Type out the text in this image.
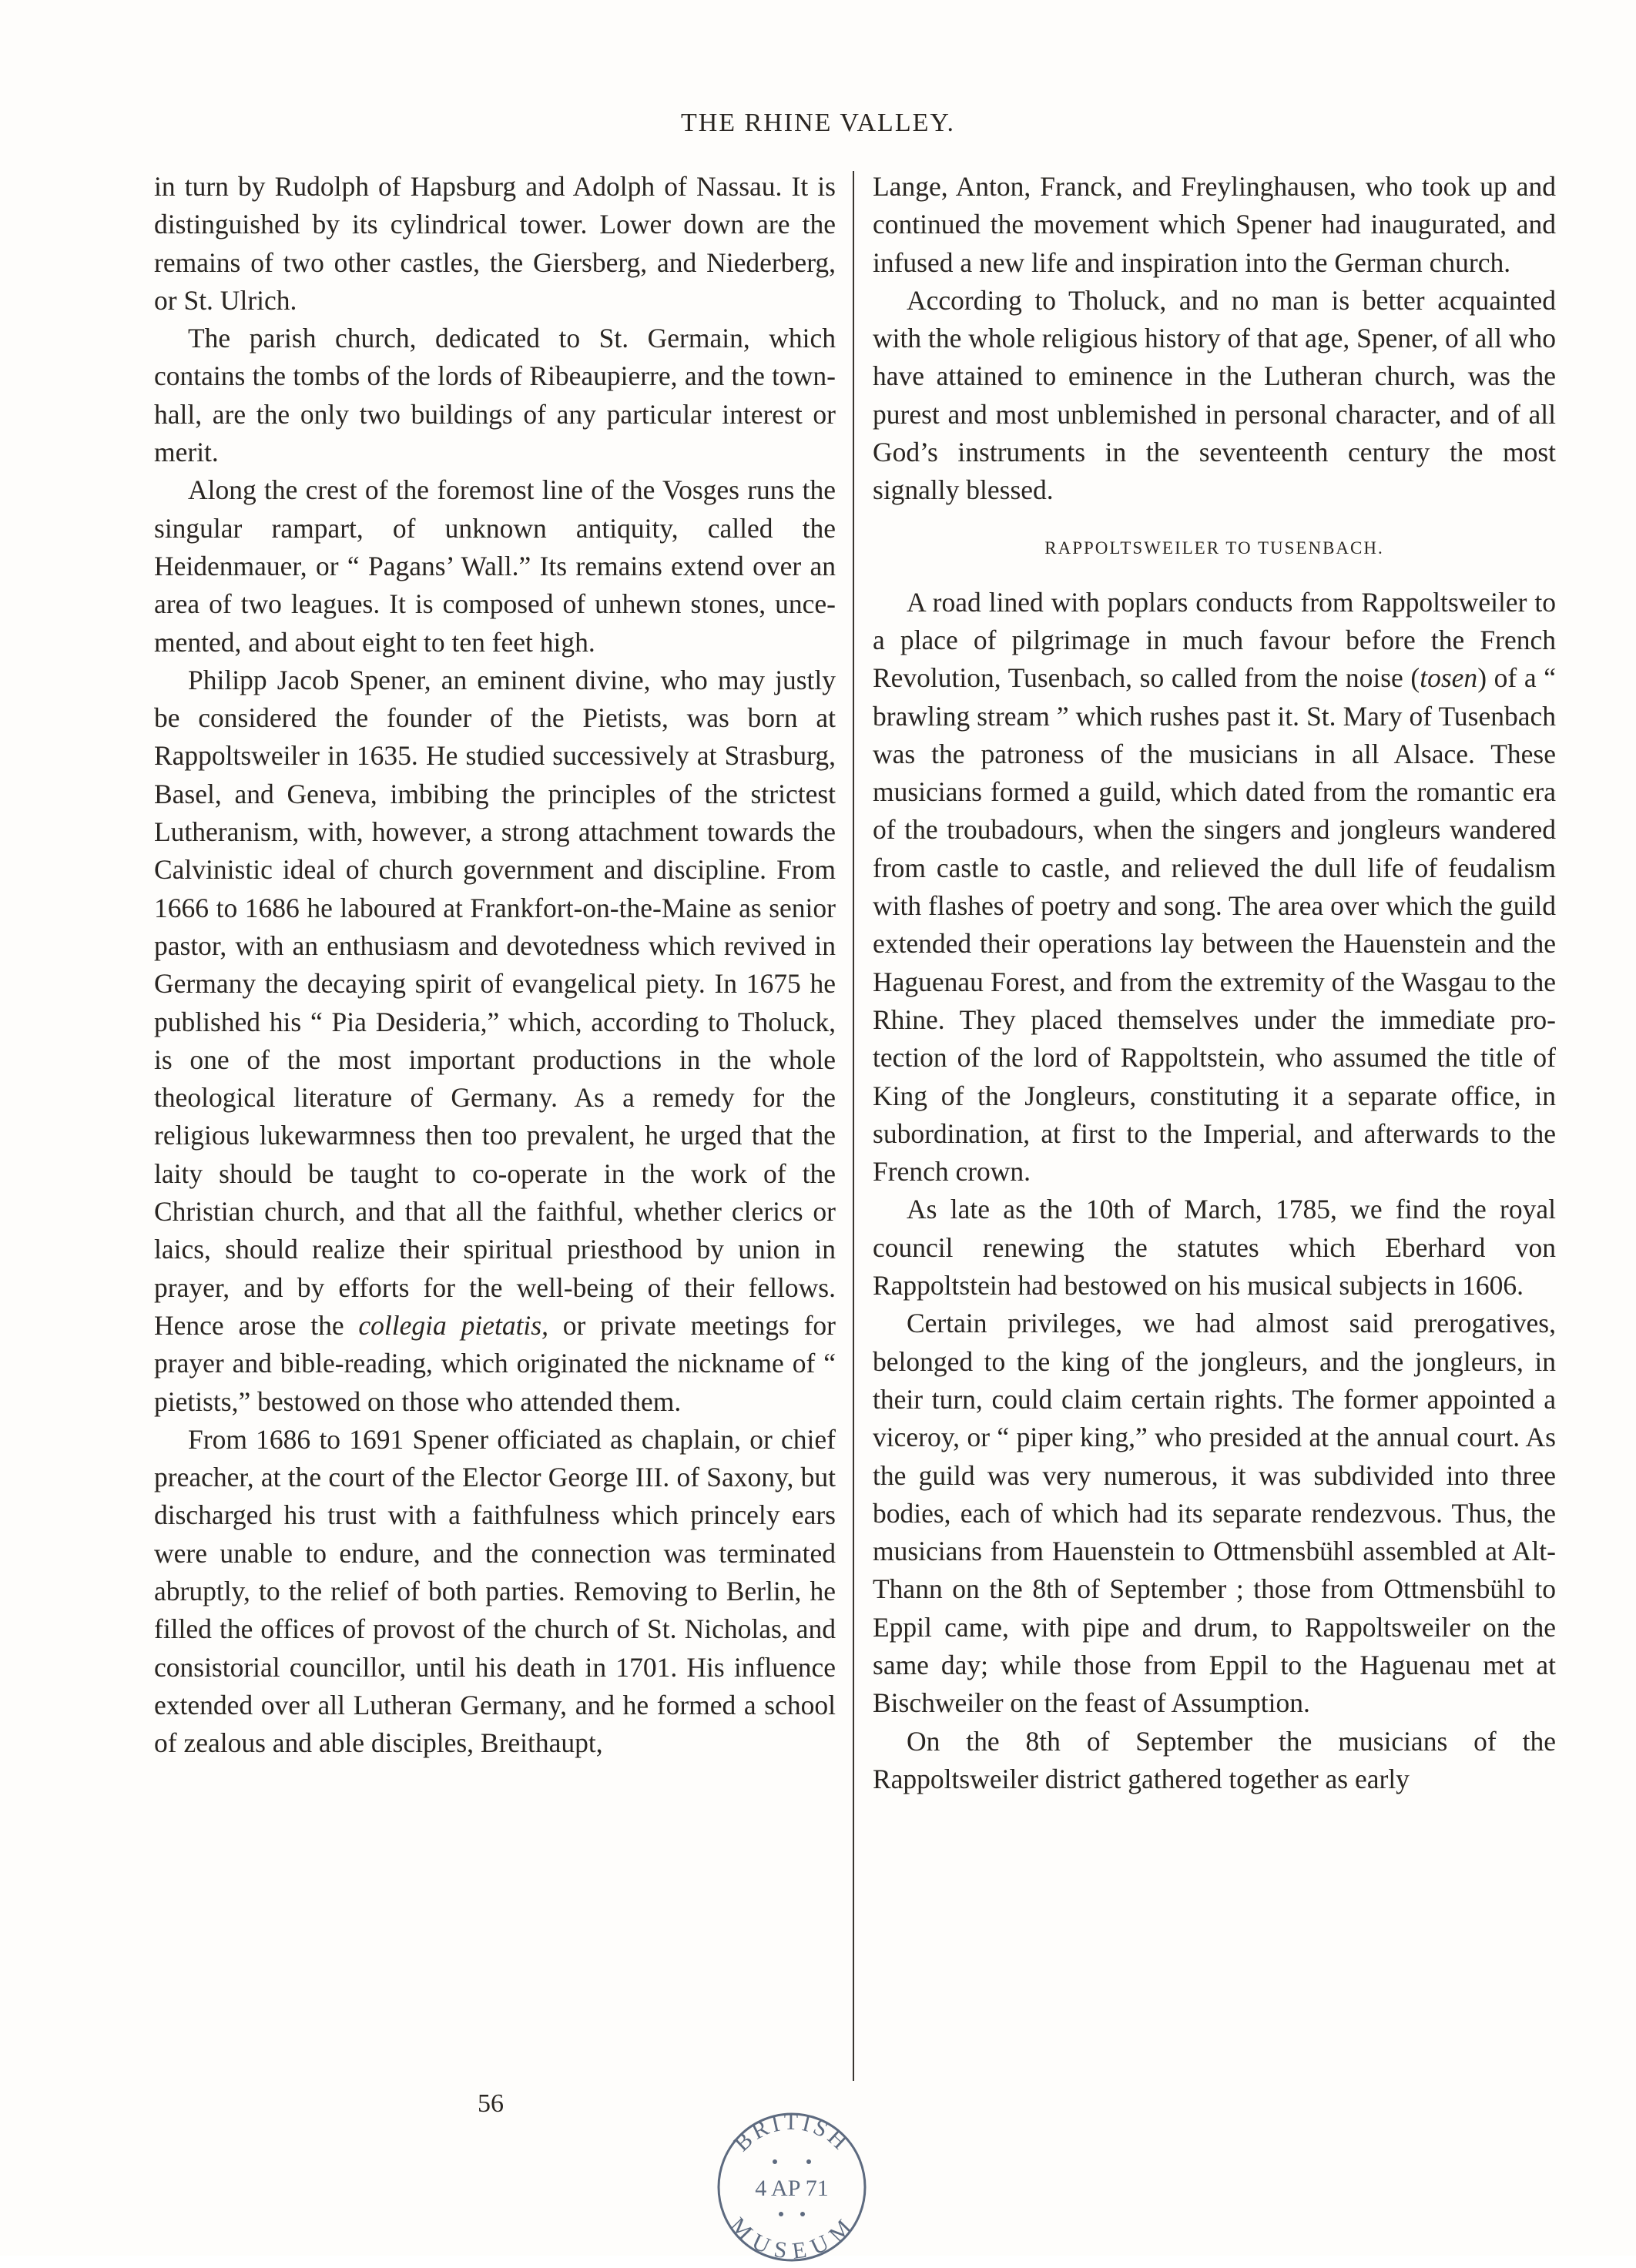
THE RHINE VALLEY.

in turn by Rudolph of Hapsburg and Adolph of Nassau. It is distinguished by its cylindrical tower. Lower down are the remains of two other castles, the Giersberg, and Niederberg, or St. Ulrich.

The parish church, dedicated to St. Germain, which contains the tombs of the lords of Ribeaupierre, and the town-hall, are the only two buildings of any particular interest or merit.

Along the crest of the foremost line of the Vosges runs the singular rampart, of unknown antiquity, called the Heidenmauer, or “ Pagans’ Wall.” Its remains extend over an area of two leagues. It is composed of unhewn stones, uncemented, and about eight to ten feet high.

Philipp Jacob Spener, an eminent divine, who may justly be considered the founder of the Pietists, was born at Rappoltsweiler in 1635. He studied successively at Strasburg, Basel, and Geneva, imbibing the principles of the strictest Lutheranism, with, however, a strong attachment towards the Calvinistic ideal of church government and discipline. From 1666 to 1686 he laboured at Frankfort-on-the-Maine as senior pastor, with an enthusiasm and devotedness which revived in Germany the decaying spirit of evangelical piety. In 1675 he published his “ Pia Desideria,” which, according to Tholuck, is one of the most important productions in the whole theological literature of Germany. As a remedy for the religious lukewarmness then too prevalent, he urged that the laity should be taught to co-operate in the work of the Christian church, and that all the faithful, whether clerics or laics, should realize their spiritual priesthood by union in prayer, and by efforts for the well-being of their fellows. Hence arose the collegia pietatis, or private meetings for prayer and bible-reading, which originated the nickname of “ pietists,” bestowed on those who attended them.

From 1686 to 1691 Spener officiated as chaplain, or chief preacher, at the court of the Elector George III. of Saxony, but discharged his trust with a faithfulness which princely ears were unable to endure, and the connection was terminated abruptly, to the relief of both parties. Removing to Berlin, he filled the offices of provost of the church of St. Nicholas, and consistorial councillor, until his death in 1701. His influence extended over all Lutheran Germany, and he formed a school of zealous and able disciples, Breithaupt,

Lange, Anton, Franck, and Freylinghausen, who took up and continued the movement which Spener had inaugurated, and infused a new life and inspiration into the German church.

According to Tholuck, and no man is better acquainted with the whole religious history of that age, Spener, of all who have attained to eminence in the Lutheran church, was the purest and most unblemished in personal character, and of all God’s instruments in the seventeenth century the most signally blessed.

RAPPOLTSWEILER TO TUSENBACH.

A road lined with poplars conducts from Rappoltsweiler to a place of pilgrimage in much favour before the French Revolution, Tusenbach, so called from the noise (tosen) of a “ brawling stream ” which rushes past it. St. Mary of Tusenbach was the patroness of the musicians in all Alsace. These musicians formed a guild, which dated from the romantic era of the troubadours, when the singers and jongleurs wandered from castle to castle, and relieved the dull life of feudalism with flashes of poetry and song. The area over which the guild extended their operations lay between the Hauenstein and the Haguenau Forest, and from the extremity of the Wasgau to the Rhine. They placed themselves under the immediate protection of the lord of Rappoltstein, who assumed the title of King of the Jongleurs, constituting it a separate office, in subordination, at first to the Imperial, and afterwards to the French crown.

As late as the 10th of March, 1785, we find the royal council renewing the statutes which Eberhard von Rappoltstein had bestowed on his musical subjects in 1606.

Certain privileges, we had almost said prerogatives, belonged to the king of the jongleurs, and the jongleurs, in their turn, could claim certain rights. The former appointed a viceroy, or “ piper king,” who presided at the annual court. As the guild was very numerous, it was subdivided into three bodies, each of which had its separate rendezvous. Thus, the musicians from Hauenstein to Ottmensbühl assembled at Alt-Thann on the 8th of September ; those from Ottmensbühl to Eppil came, with pipe and drum, to Rappoltsweiler on the same day; while those from Eppil to the Haguenau met at Bischweiler on the feast of Assumption.

On the 8th of September the musicians of the Rappoltsweiler district gathered together as early

56
BRITISH
4 AP 71
MUSEUM
